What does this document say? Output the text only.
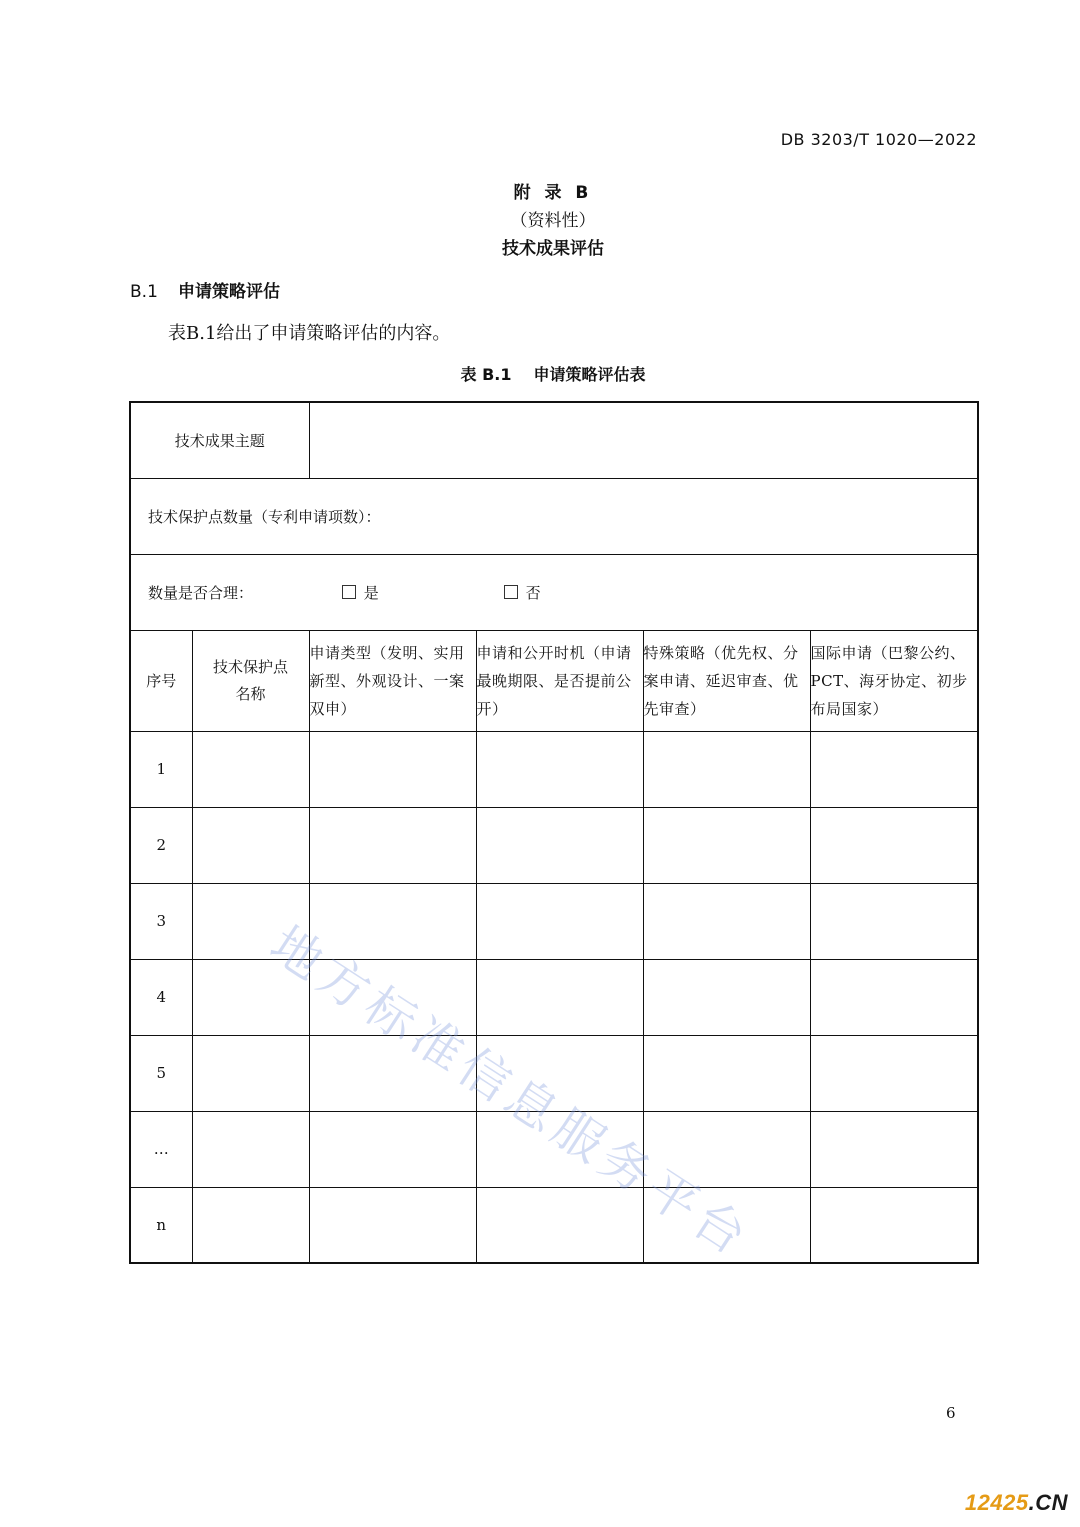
DB 3203/T 1020—2022
附 录 B
（资料性）
技术成果评估
B.1 申请策略评估
表B.1给出了申请策略评估的内容。
表 B.1 申请策略评估表
技术成果主题					
技术保护点数量（专利申请项数）：					
数量是否合理： 是 否					
序号	技术保护点名称	申请类型（发明、实用新型、外观设计、一案双申）	申请和公开时机（申请最晚期限、是否提前公开）	特殊策略（优先权、分案申请、延迟审查、优先审查）	国际申请（巴黎公约、PCT、海牙协定、初步布局国家）
1					
2					
3					
4					
5					
…					
n					地方标准信息服务平台
6
12425.CN
